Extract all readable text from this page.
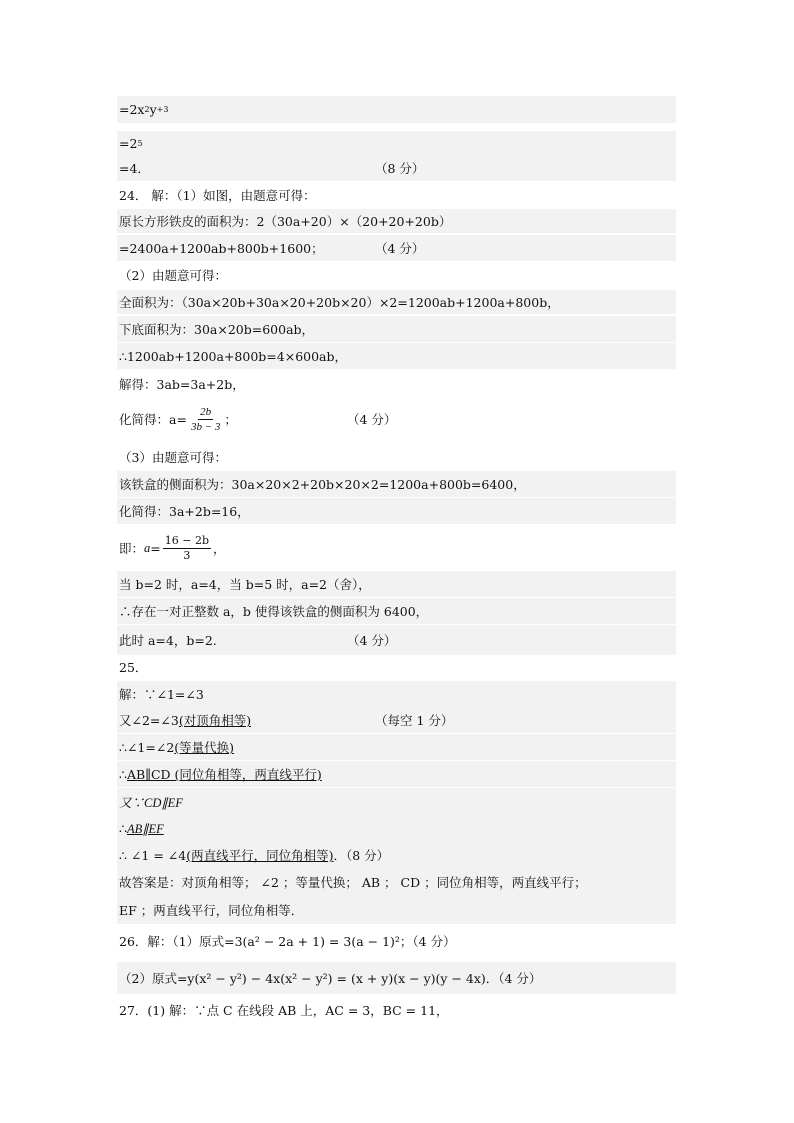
=2x 2 y +3
=2 5
=4．	（8 分）
24． 解：（1）如图，由题意可得：
原长方形铁皮的面积为：2（30a+20）×（20+20+20b）
=2400a+1200ab+800b+1600；	（4 分）
（2）由题意可得：
全面积为：（30a×20b+30a×20+20b×20）×2=1200ab+1200a+800b，
下底面积为：30a×20b=600ab，
∴1200ab+1200a+800b=4×600ab，
解得：3ab=3a+2b，
化简得：$a= \frac{2b}{3b - 3}$ ；	（4 分）
（3）由题意可得：
该铁盒的侧面积为：30a×20×2+20b×20×2=1200a+800b=6400，
化简得：3a+2b=16，
即： $a = \frac{16 - 2b}{3}$ ，
当 b=2 时，a=4，当 b=5 时，a=2（舍），
∴存在一对正整数 a，b 使得该铁盒的侧面积为 6400，
此时 a=4，b=2.	（4 分）
25．
解：∵∠1=∠3
又∠2=∠3 (对顶角相等)	（每空 1 分）
∴∠1=∠2 (等量代换)
∴ AB∥CD (同位角相等，两直线平行)
又∵CD∥EF
∴ AB∥EF
∴ ∠1 = ∠4 (两直线平行，同位角相等) ．（8 分）
故答案是：对顶角相等； ∠2 ；等量代换； AB ； CD ；同位角相等，两直线平行；
EF ；两直线平行，同位角相等．
26．解：（1）原式=3(a² − 2a + 1) = 3(a − 1)²；（4 分）
（2）原式=y(x² − y²) − 4x(x² − y²) = (x + y)(x − y)(y − 4x)．（4 分）
27．(1) 解：∵点 C 在线段 AB 上，AC = 3，BC = 11，
